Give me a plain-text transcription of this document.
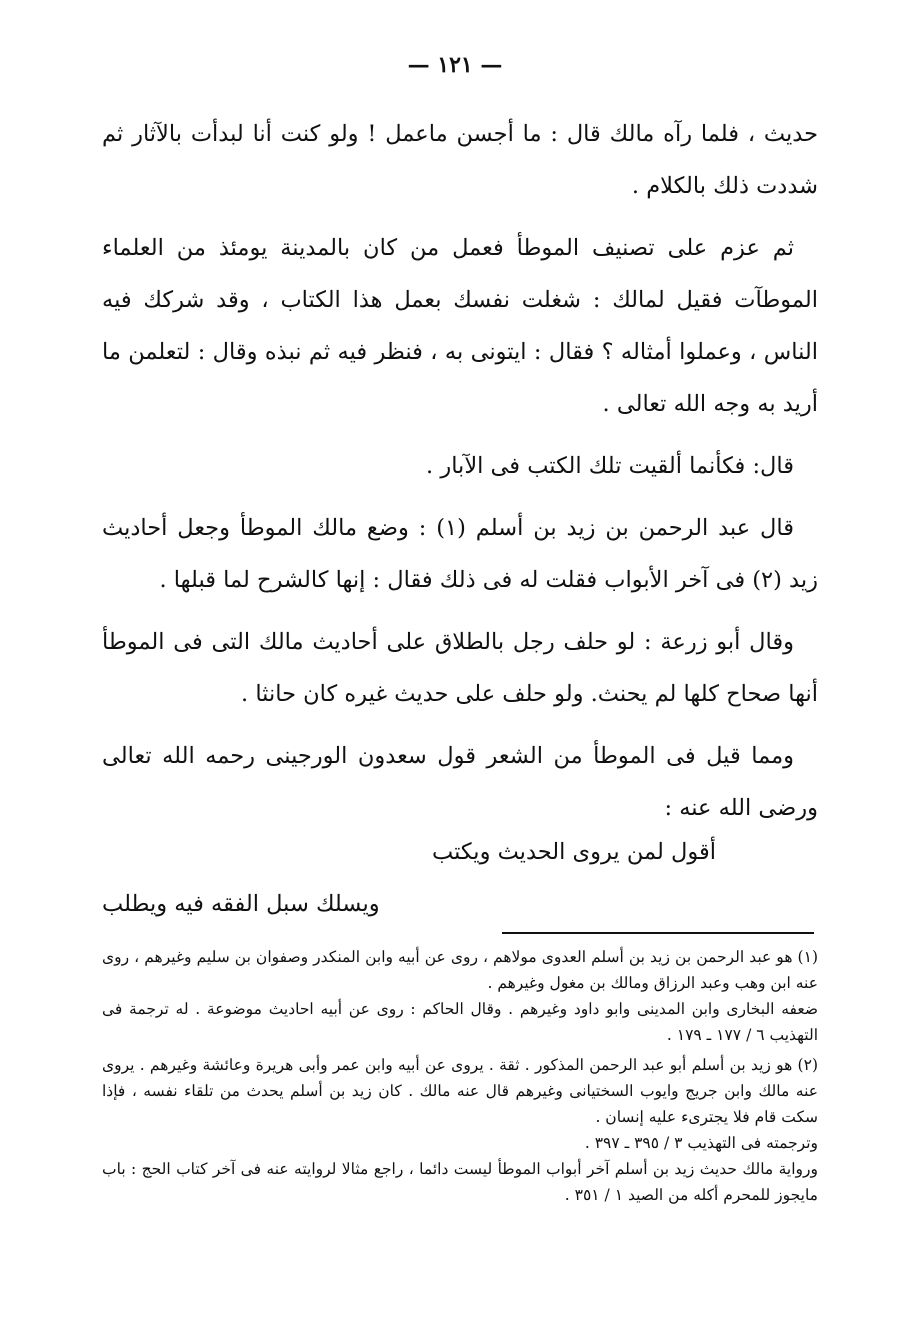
— ١٢١ —

حديث ، فلما رآه مالك قال : ما أجسن ماعمل ! ولو كنت أنا لبدأت بالآثار ثم شددت ذلك بالكلام .

ثم عزم على تصنيف الموطأ فعمل من كان بالمدينة يومئذ من العلماء الموطآت فقيل لمالك : شغلت نفسك بعمل هذا الكتاب ، وقد شركك فيه الناس ، وعملوا أمثاله ؟ فقال : ايتونى به ، فنظر فيه ثم نبذه وقال : لتعلمن ما أريد به وجه الله تعالى .

قال: فكأنما ألقيت تلك الكتب فى الآبار .

قال عبد الرحمن بن زيد بن أسلم (١) : وضع مالك الموطأ وجعل أحاديث زيد (٢) فى آخر الأبواب فقلت له فى ذلك فقال : إنها كالشرح لما قبلها .

وقال أبو زرعة : لو حلف رجل بالطلاق على أحاديث مالك التى فى الموطأ أنها صحاح كلها لم يحنث. ولو حلف على حديث غيره كان حانثا .

ومما قيل فى الموطأ من الشعر قول سعدون الورجينى رحمه الله تعالى ورضى الله عنه :

أقول لمن يروى الحديث ويكتب
ويسلك سبل الفقه فيه ويطلب

(١) هو عبد الرحمن بن زيد بن أسلم العدوى مولاهم ، روى عن أبيه وابن المنكدر وصفوان بن سليم وغيرهم ، روى عنه ابن وهب وعبد الرزاق ومالك بن مغول وغيرهم .

ضعفه البخارى وابن المدينى وابو داود وغيرهم . وقال الحاكم : روى عن أبيه احاديث موضوعة . له ترجمة فى التهذيب ٦ / ١٧٧ ـ ١٧٩ .

(٢) هو زيد بن أسلم أبو عبد الرحمن المذكور . ثقة . يروى عن أبيه وابن عمر وأبى هريرة وعائشة وغيرهم . يروى عنه مالك وابن جريج وايوب السختيانى وغيرهم قال عنه مالك . كان زيد بن أسلم يحدث من تلقاء نفسه ، فإذا سكت قام فلا يجترىء عليه إنسان .

وترجمته فى التهذيب ٣ / ٣٩٥ ـ ٣٩٧ .

ورواية مالك حديث زيد بن أسلم آخر أبواب الموطأ ليست دائما ، راجع مثالا لروايته عنه فى آخر كتاب الحج : باب مايجوز للمحرم أكله من الصيد ١ / ٣٥١ .
